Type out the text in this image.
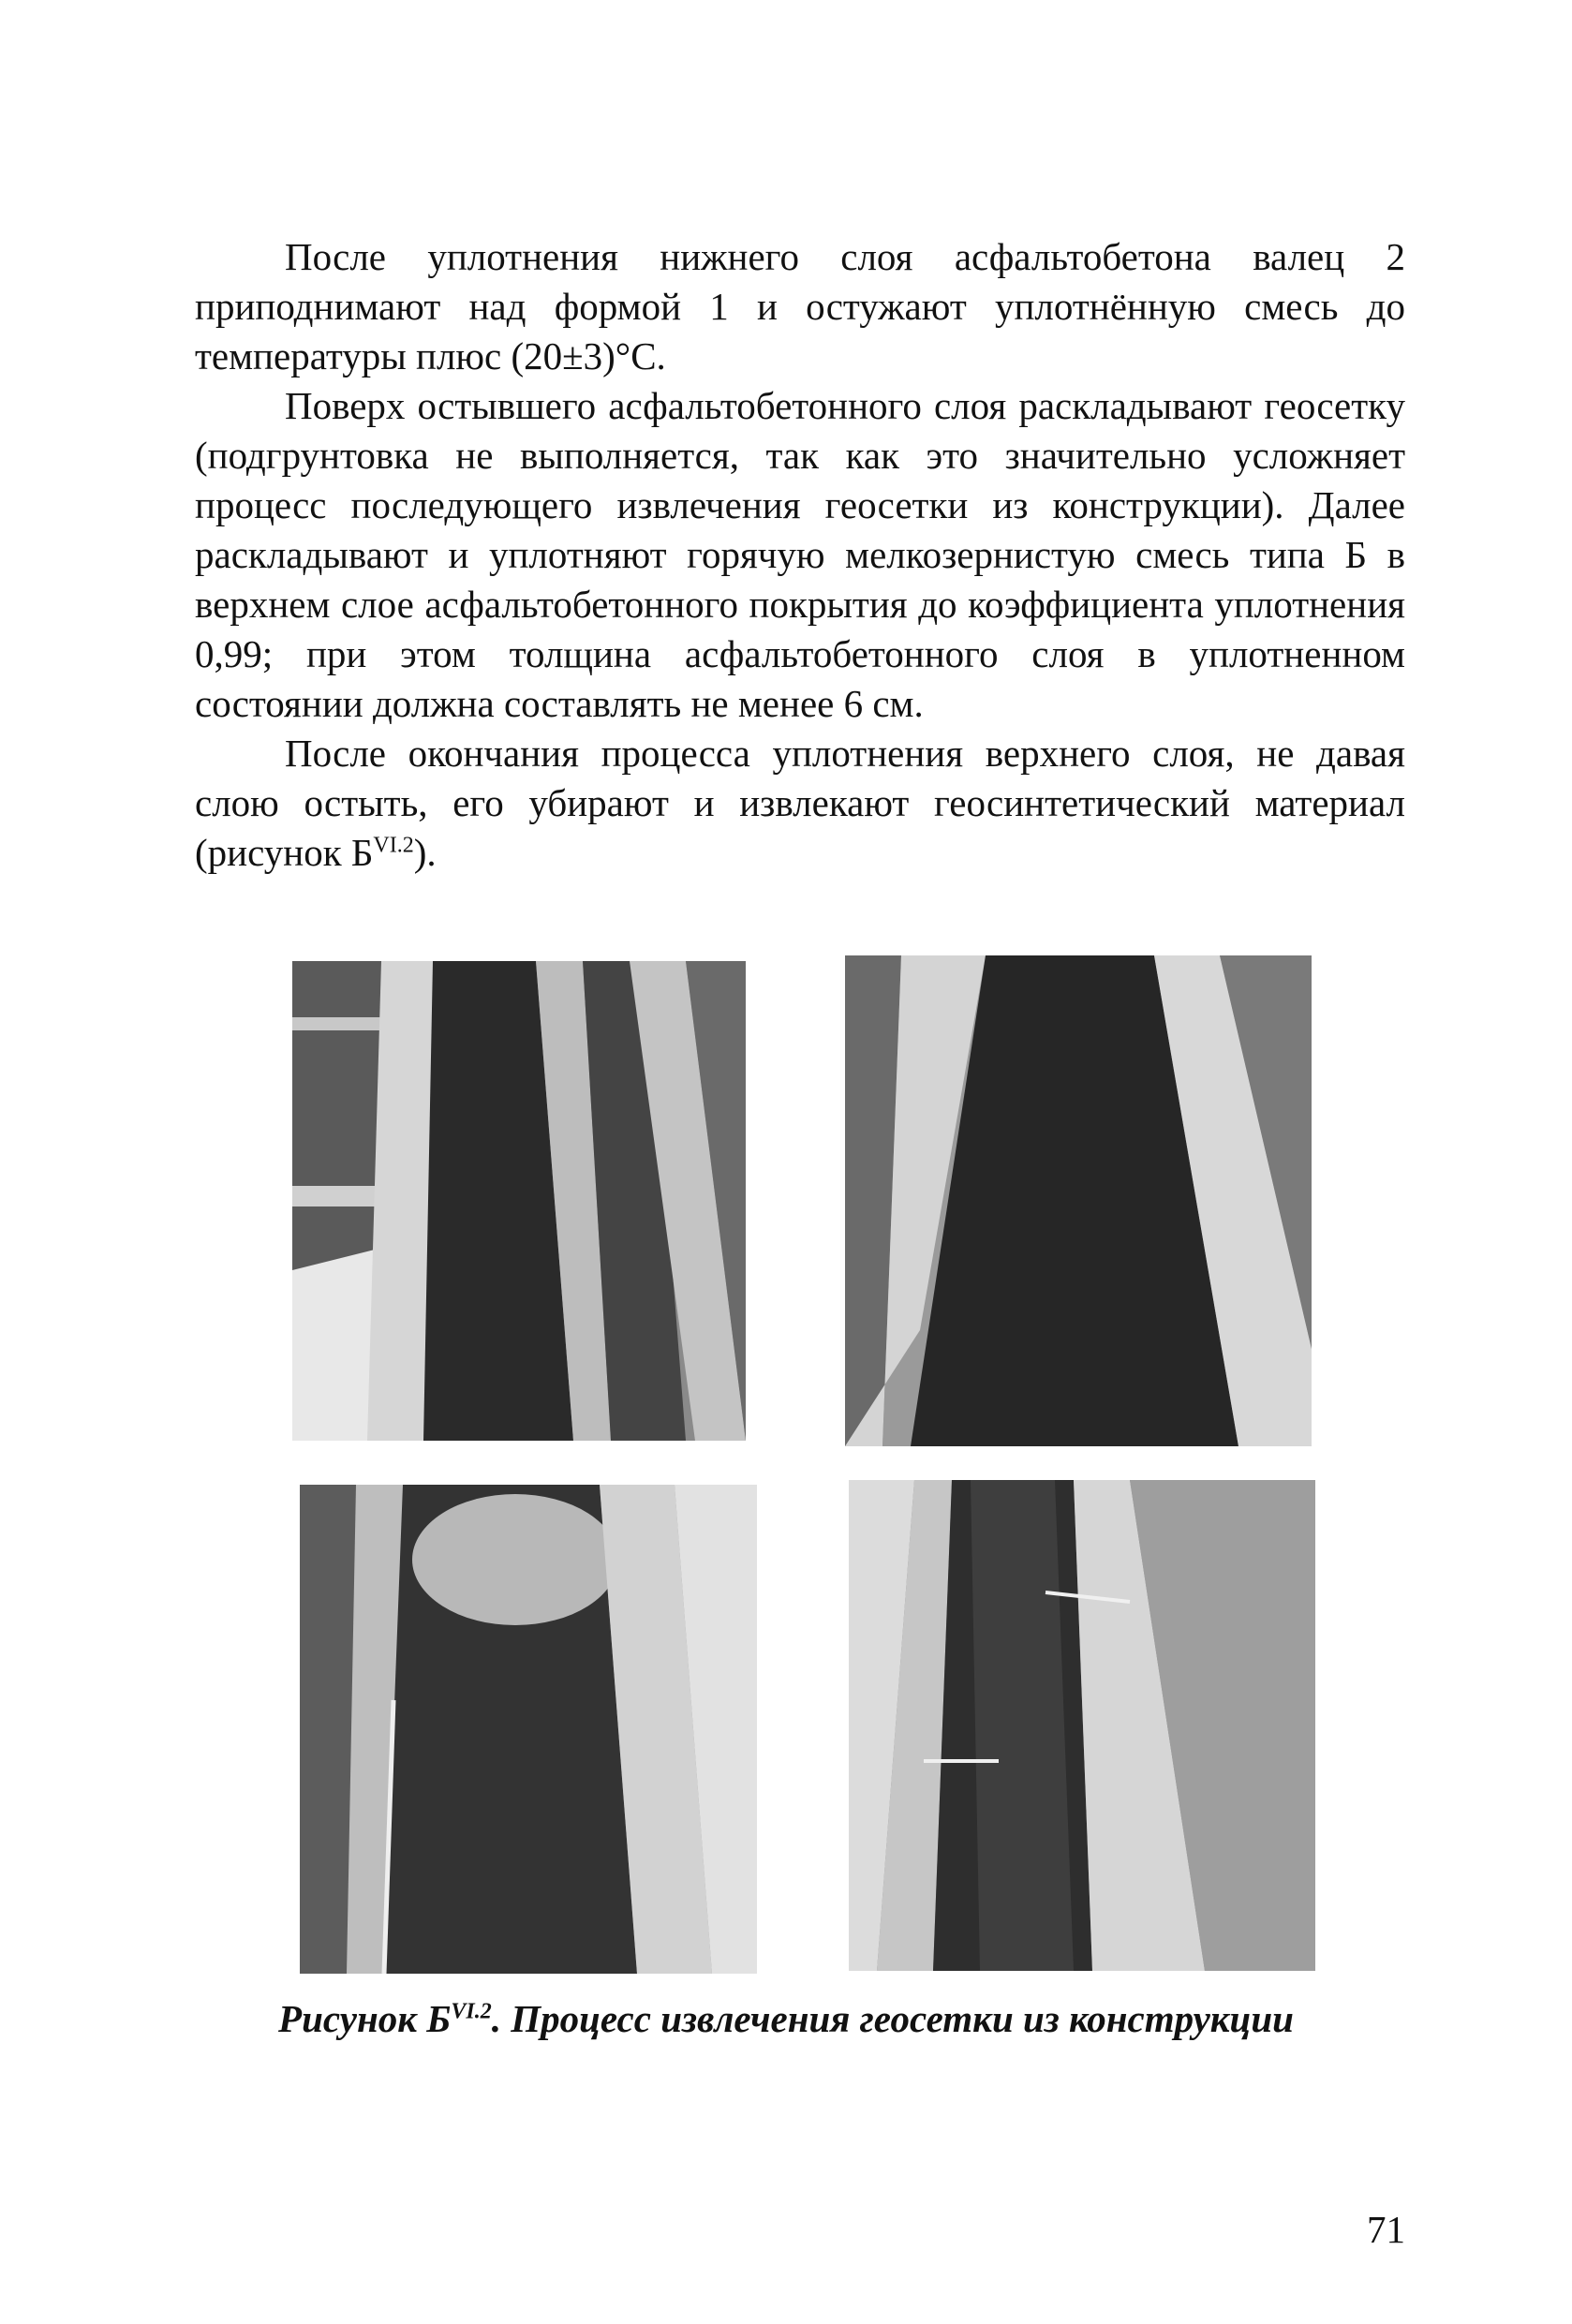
После уплотнения нижнего слоя асфальтобетона валец 2 приподнимают над формой 1 и остужают уплотнённую смесь до температуры плюс (20±3)°С.

Поверх остывшего асфальтобетонного слоя раскладывают геосетку (подгрунтовка не выполняется, так как это значительно усложняет процесс последующего извлечения геосетки из конструкции). Далее раскладывают и уплотняют горячую мелкозернистую смесь типа Б в верхнем слое асфальтобетонного покрытия до коэффициента уплотнения 0,99; при этом толщина асфальтобетонного слоя в уплотненном состоянии должна составлять не менее 6 см.

После окончания процесса уплотнения верхнего слоя, не давая слою остыть, его убирают и извлекают геосинтетический материал (рисунок $Б^{VI.2}$).

Рисунок $Б^{VI.2}$. Процесс извлечения геосетки из конструкции
71
